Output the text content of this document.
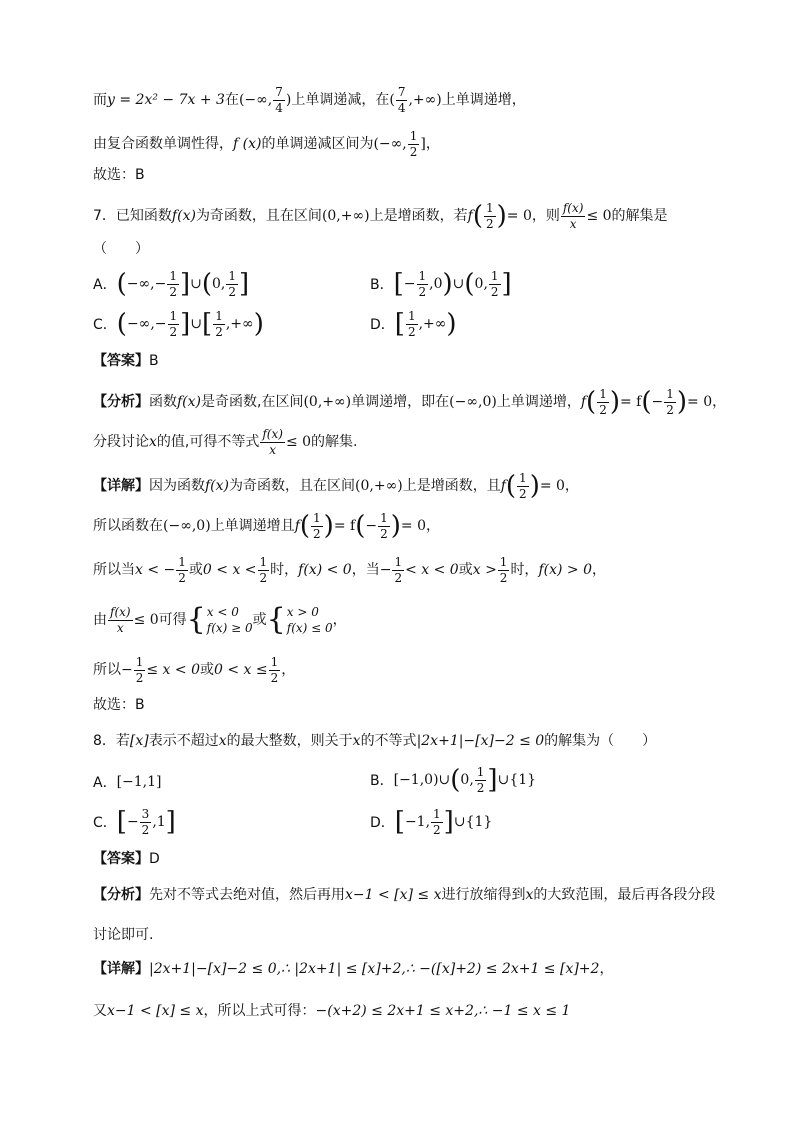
而 y = 2x² − 7x + 3 在 (−∞, $\frac{7}{4}$ ) 上单调递减，在 ( $\frac{7}{4}$ ,+∞) 上单调递增，
由复合函数单调性得， f (x) 的单调递减区间为 (−∞, $\frac{1}{2}$ ] ，
故选：B
7．已知函数 f(x) 为奇函数，且在区间 (0,+∞) 上是增函数，若 f ( $\frac{1}{2}$ ) = 0 ，则 $\frac{f(x)}{x} \le 0$ 的解集是
（　　）
A． ( −∞,− $\frac{1}{2}$ ] ∪ ( 0, $\frac{1}{2}$ ]	B． [ − $\frac{1}{2} ,0$ ) ∪ ( 0, $\frac{1}{2}$ ]
C． ( −∞,− $\frac{1}{2}$ ] ∪ [ $\frac{1}{2}$ ,+∞ )	D． [ $\frac{1}{2}$ ,+∞ )
【答案】 B
【分析】 函数 f(x) 是奇函数,在区间 (0,+∞) 单调递增，即在 (−∞,0) 上单调递增， f ( $\frac{1}{2}$ ) = f ( − $\frac{1}{2}$ ) = 0，
分段讨论 x 的值,可得不等式 $\frac{f(x)}{x} \le 0$ 的解集.
【详解】 因为函数 f(x) 为奇函数，且在区间 (0,+∞) 上是增函数，且 f ( $\frac{1}{2}$ ) = 0，
所以函数在 (−∞,0) 上单调递增且 f ( $\frac{1}{2}$ ) = f ( − $\frac{1}{2}$ ) = 0，
所以当 x < − $\frac{1}{2}$ 或 $0 < x < \frac{1}{2}$ 时， f(x) < 0 ，当 − $\frac{1}{2} < x < 0$ 或 $x > \frac{1}{2}$ 时， f(x) > 0 ，
由 $\frac{f(x)}{x} \le 0$ 可得 { x < 0
f(x) ≥ 0 或 { x > 0
f(x) ≤ 0 ，
所以 − $\frac{1}{2} \le x < 0$ 或 $0 < x \le \frac{1}{2}$ ，
故选：B
8．若 [x] 表示不超过 x 的最大整数，则关于 x 的不等式 |2x+1|−[x]−2 ≤ 0 的解集为（　　）
A． [−1,1]	B． [−1,0) ∪ ( 0, $\frac{1}{2}$ ] ∪ {1}
C． [ − $\frac{3}{2} ,1$ ]	D． [ −1, $\frac{1}{2}$ ] ∪ {1}
【答案】 D
【分析】 先对不等式去绝对值，然后再用 x−1 < [x] ≤ x 进行放缩得到 x 的大致范围，最后再各段分段
讨论即可.
【详解】 |2x+1|−[x]−2 ≤ 0,∴ |2x+1| ≤ [x]+2,∴ −([x]+2) ≤ 2x+1 ≤ [x]+2 ，
又 x−1 < [x] ≤ x ，所以上式可得： −(x+2) ≤ 2x+1 ≤ x+2,∴ −1 ≤ x ≤ 1
